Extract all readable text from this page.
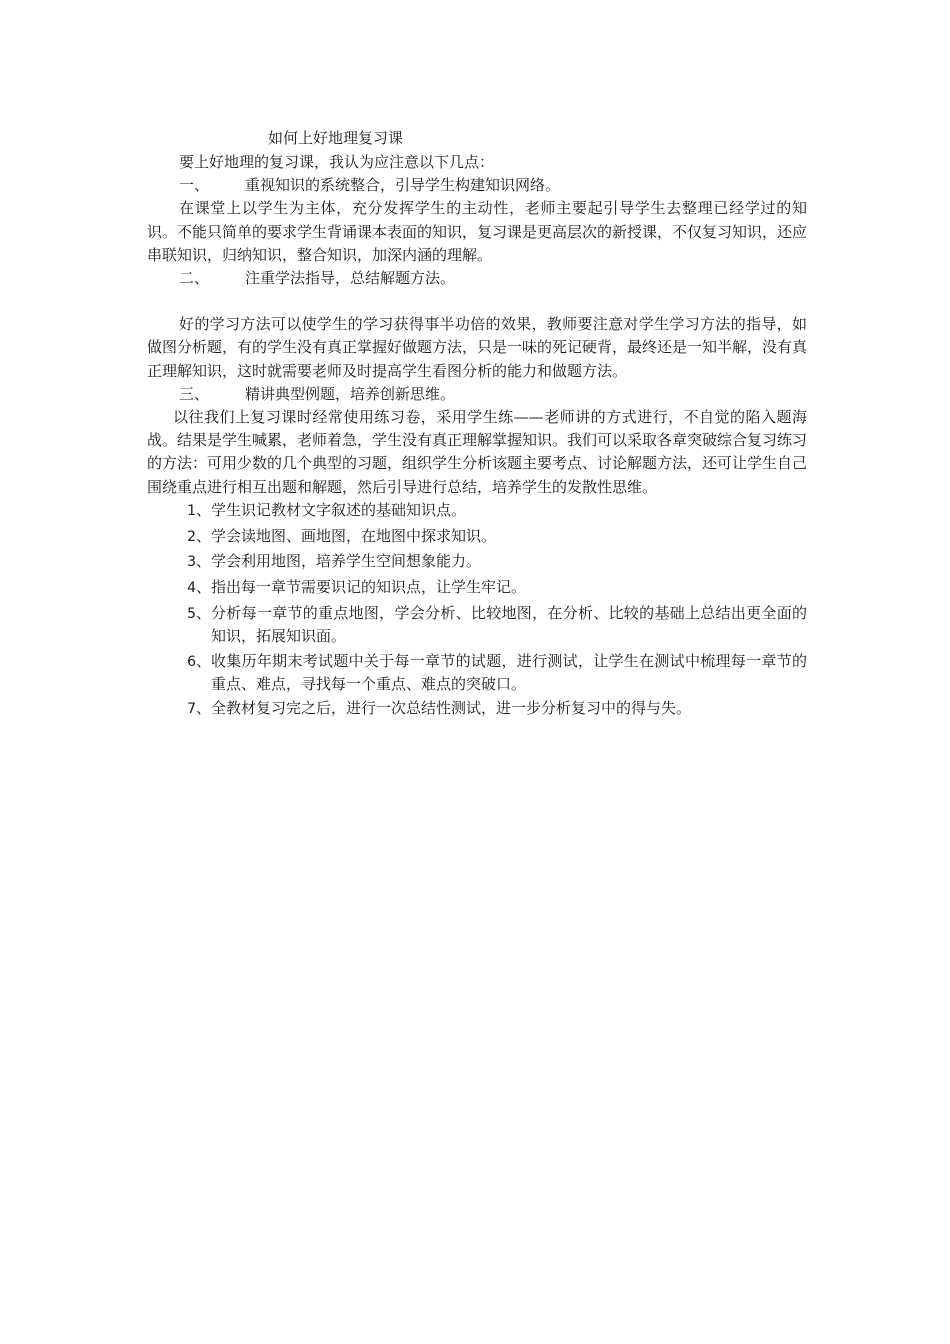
如何上好地理复习课

要上好地理的复习课，我认为应注意以下几点：

一、	重视知识的系统整合，引导学生构建知识网络。

在课堂上以学生为主体，充分发挥学生的主动性，老师主要起引导学生去整理已经学过的知识。不能只简单的要求学生背诵课本表面的知识，复习课是更高层次的新授课，不仅复习知识，还应串联知识，归纳知识，整合知识，加深内涵的理解。

二、	注重学法指导，总结解题方法。

好的学习方法可以使学生的学习获得事半功倍的效果，教师要注意对学生学习方法的指导，如做图分析题，有的学生没有真正掌握好做题方法，只是一味的死记硬背，最终还是一知半解，没有真正理解知识，这时就需要老师及时提高学生看图分析的能力和做题方法。

三、	精讲典型例题，培养创新思维。

以往我们上复习课时经常使用练习卷，采用学生练——老师讲的方式进行，不自觉的陷入题海战。结果是学生喊累，老师着急，学生没有真正理解掌握知识。我们可以采取各章突破综合复习练习的方法：可用少数的几个典型的习题，组织学生分析该题主要考点、讨论解题方法，还可让学生自己围绕重点进行相互出题和解题，然后引导进行总结，培养学生的发散性思维。

1、 学生识记教材文字叙述的基础知识点。
2、 学会读地图、画地图，在地图中探求知识。
3、 学会利用地图，培养学生空间想象能力。
4、 指出每一章节需要识记的知识点，让学生牢记。
5、 分析每一章节的重点地图，学会分析、比较地图，在分析、比较的基础上总结出更全面的知识，拓展知识面。
6、 收集历年期末考试题中关于每一章节的试题，进行测试，让学生在测试中梳理每一章节的重点、难点，寻找每一个重点、难点的突破口。
7、 全教材复习完之后，进行一次总结性测试，进一步分析复习中的得与失。
